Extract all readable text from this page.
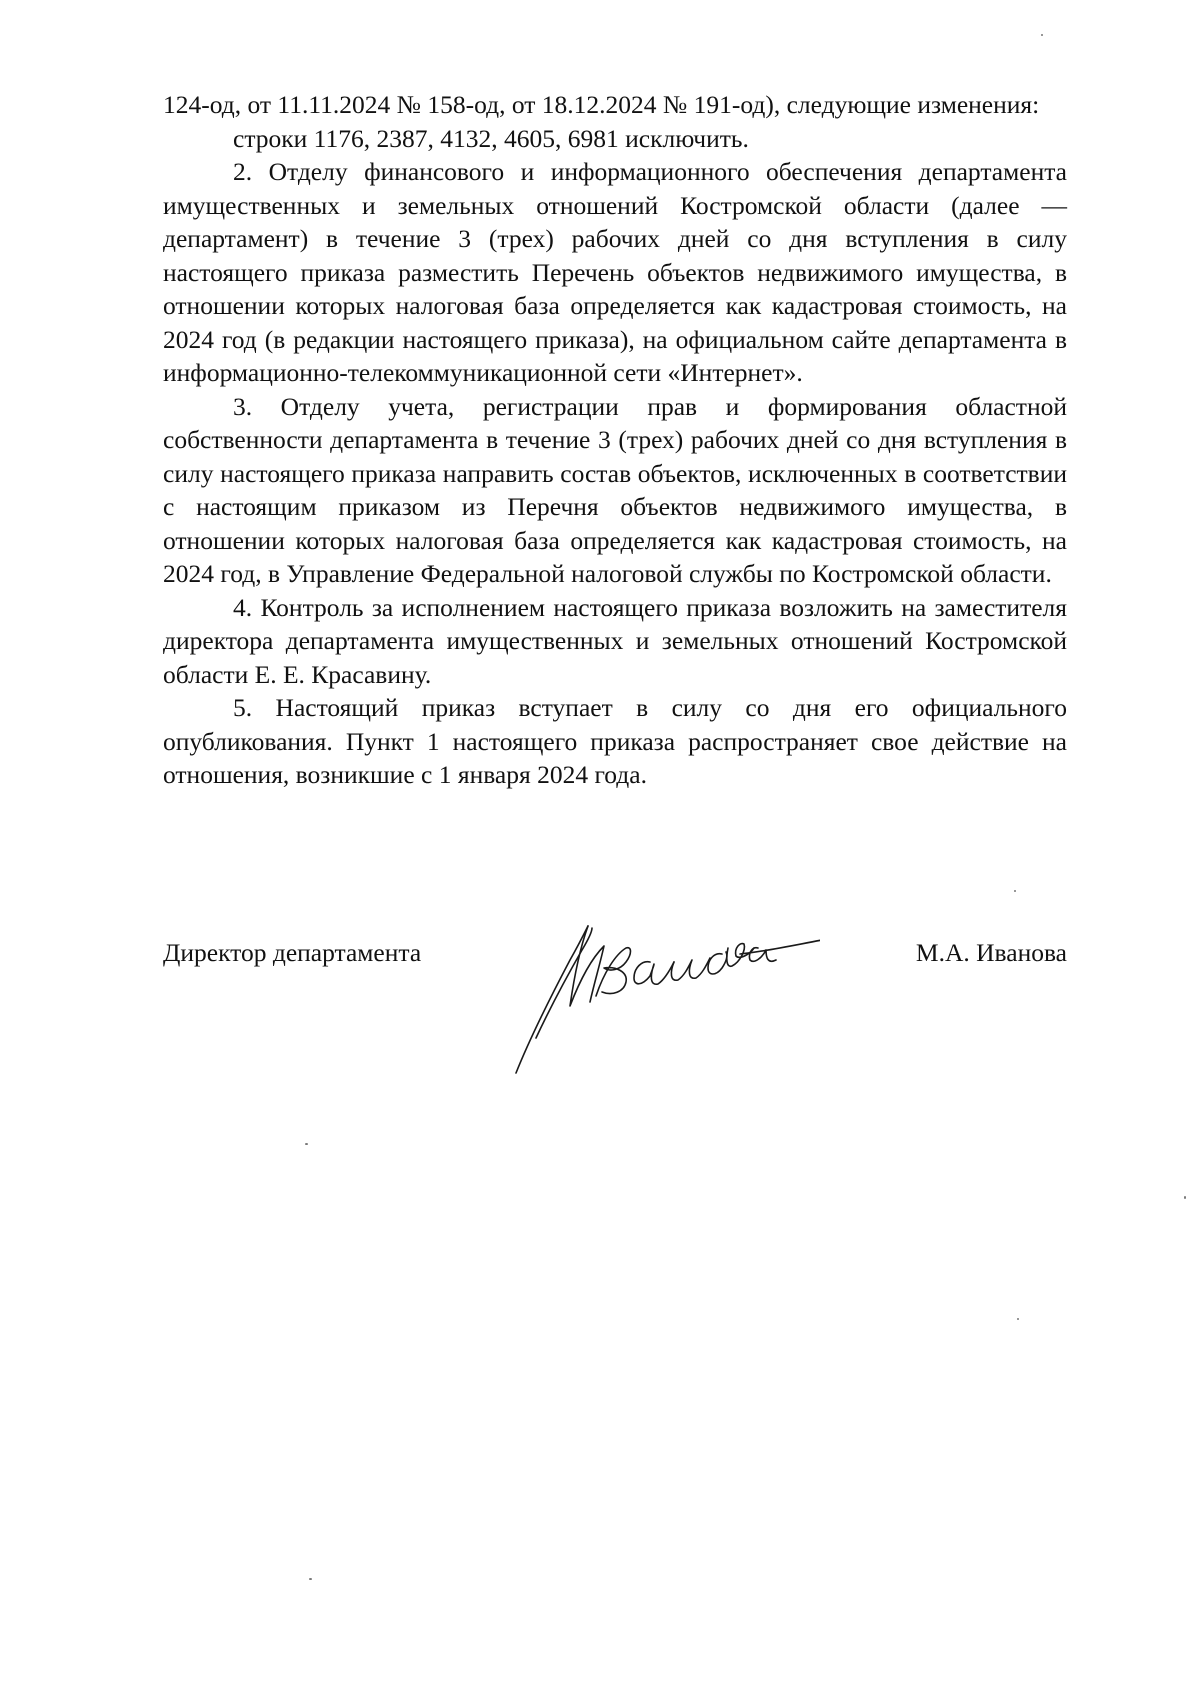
124-од, от 11.11.2024 № 158-од, от 18.12.2024 № 191-од), следующие изменения:

строки 1176, 2387, 4132, 4605, 6981 исключить.

2. Отделу финансового и информационного обеспечения департамента имущественных и земельных отношений Костромской области (далее — департамент) в течение 3 (трех) рабочих дней со дня вступления в силу настоящего приказа разместить Перечень объектов недвижимого имущества, в отношении которых налоговая база определяется как кадастровая стоимость, на 2024 год (в редакции настоящего приказа), на официальном сайте департамента в информационно-телекоммуникационной сети «Интернет».

3. Отделу учета, регистрации прав и формирования областной собственности департамента в течение 3 (трех) рабочих дней со дня вступления в силу настоящего приказа направить состав объектов, исключенных в соответствии с настоящим приказом из Перечня объектов недвижимого имущества, в отношении которых налоговая база определяется как кадастровая стоимость, на 2024 год, в Управление Федеральной налоговой службы по Костромской области.

4. Контроль за исполнением настоящего приказа возложить на заместителя директора департамента имущественных и земельных отношений Костромской области Е. Е. Красавину.

5. Настоящий приказ вступает в силу со дня его официального опубликования. Пункт 1 настоящего приказа распространяет свое действие на отношения, возникшие с 1 января 2024 года.

Директор департамента	М.А. Иванова
